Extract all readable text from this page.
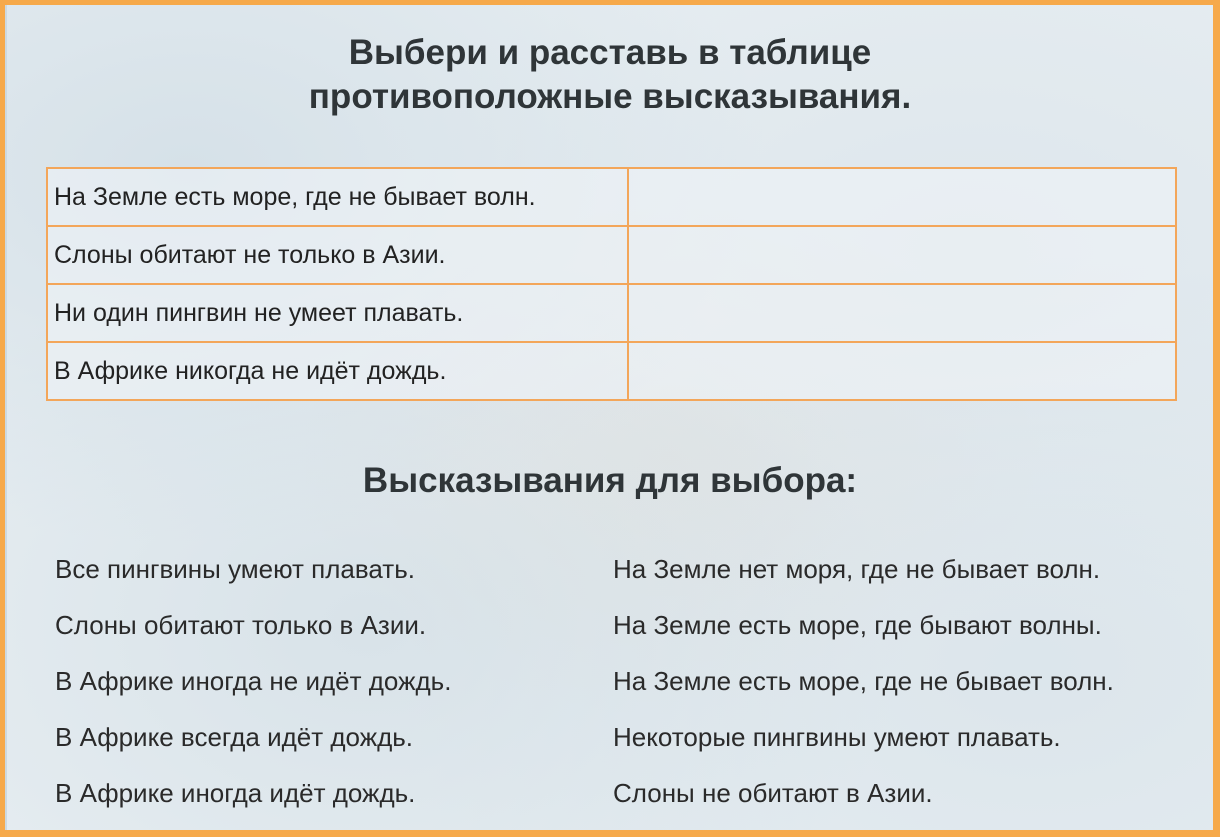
Выбери и расставь в таблице
противоположные высказывания.
На Земле есть море, где не бывает волн.	
Слоны обитают не только в Азии.	
Ни один пингвин не умеет плавать.	
В Африке никогда не идёт дождь.	
Высказывания для выбора:
Все пингвины умеют плавать.
Слоны обитают только в Азии.
В Африке иногда не идёт дождь.
В Африке всегда идёт дождь.
В Африке иногда идёт дождь.
На Земле нет моря, где не бывает волн.
На Земле есть море, где бывают волны.
На Земле есть море, где не бывает волн.
Некоторые пингвины умеют плавать.
Слоны не обитают в Азии.
